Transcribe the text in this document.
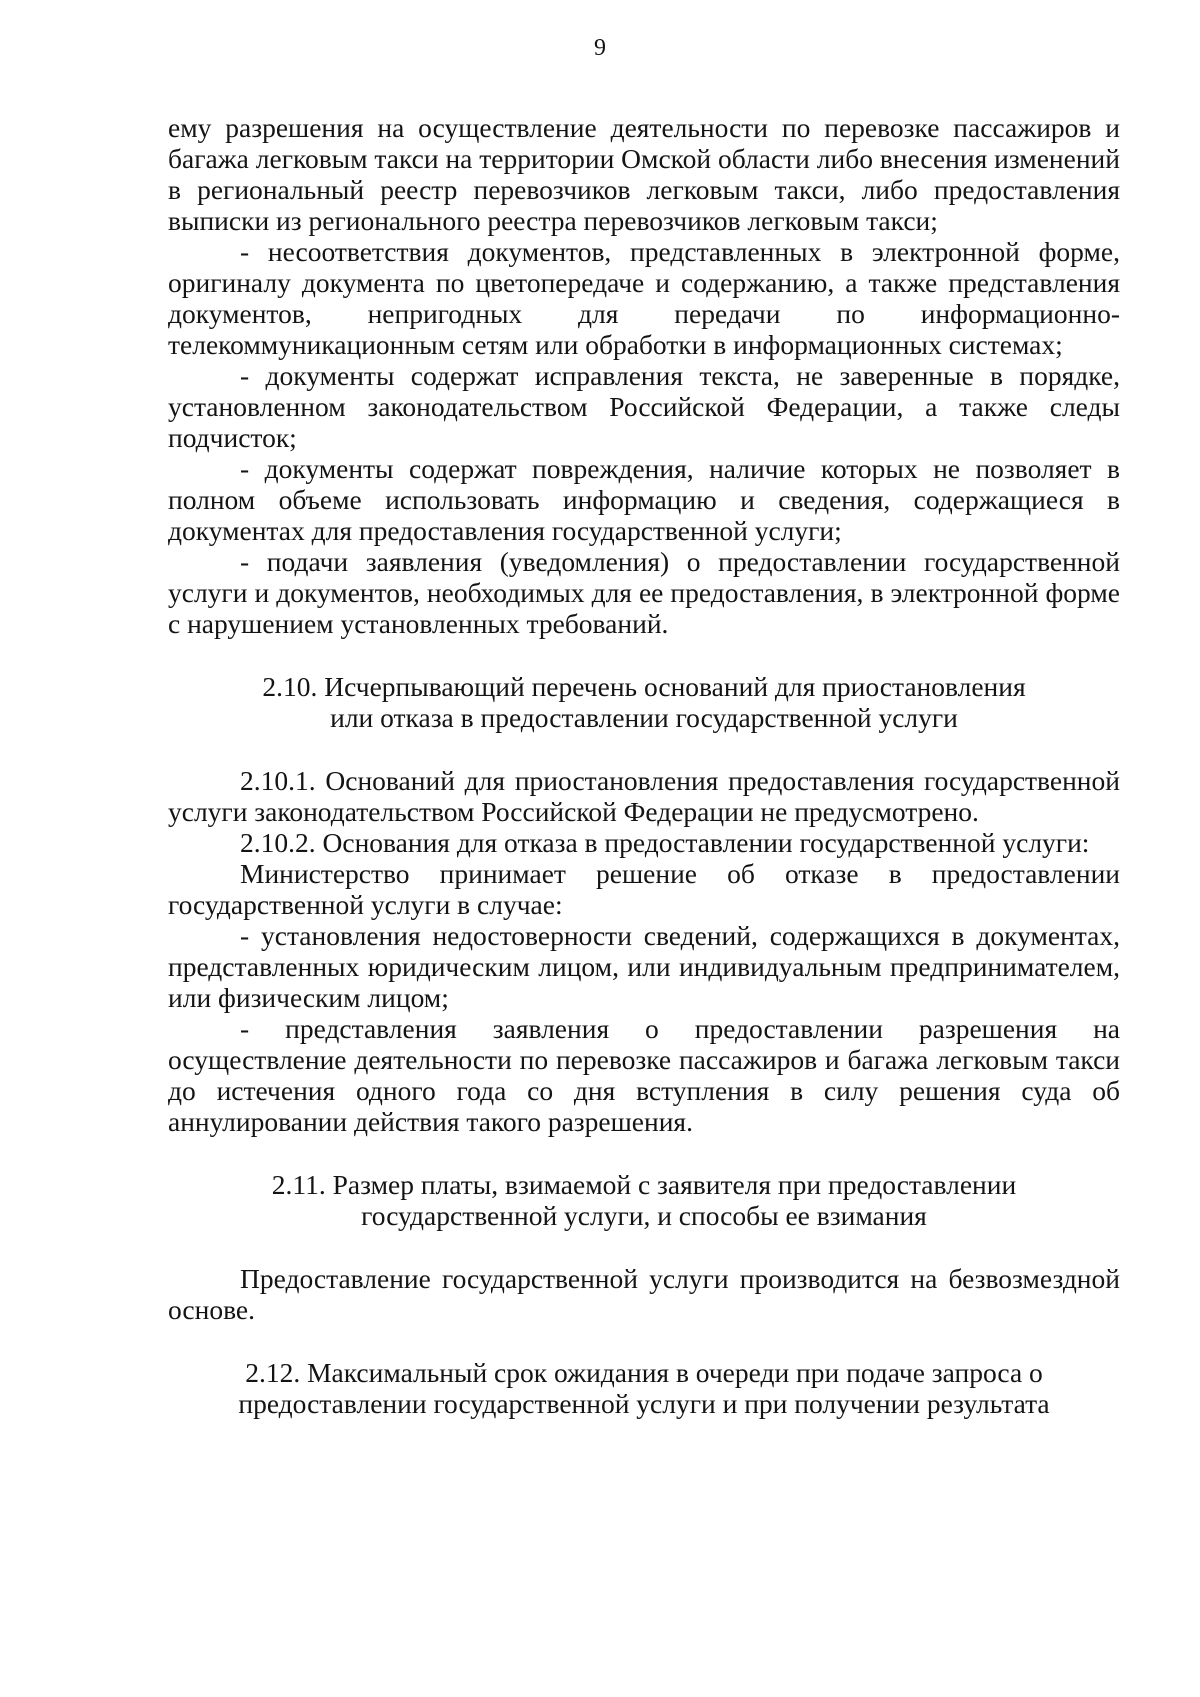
9

ему разрешения на осуществление деятельности по перевозке пассажиров и багажа легковым такси на территории Омской области либо внесения изменений в региональный реестр перевозчиков легковым такси, либо предоставления выписки из регионального реестра перевозчиков легковым такси;

- несоответствия документов, представленных в электронной форме, оригиналу документа по цветопередаче и содержанию, а также представления документов, непригодных для передачи по информационно-телекоммуникационным сетям или обработки в информационных системах;

- документы содержат исправления текста, не заверенные в порядке, установленном законодательством Российской Федерации, а также следы подчисток;

- документы содержат повреждения, наличие которых не позволяет в полном объеме использовать информацию и сведения, содержащиеся в документах для предоставления государственной услуги;

- подачи заявления (уведомления) о предоставлении государственной услуги и документов, необходимых для ее предоставления, в электронной форме с нарушением установленных требований.

2.10. Исчерпывающий перечень оснований для приостановления

или отказа в предоставлении государственной услуги

2.10.1. Оснований для приостановления предоставления государственной услуги законодательством Российской Федерации не предусмотрено.

2.10.2. Основания для отказа в предоставлении государственной услуги:

Министерство принимает решение об отказе в предоставлении государственной услуги в случае:

- установления недостоверности сведений, содержащихся в документах, представленных юридическим лицом, или индивидуальным предпринимателем, или физическим лицом;

- представления заявления о предоставлении разрешения на осуществление деятельности по перевозке пассажиров и багажа легковым такси до истечения одного года со дня вступления в силу решения суда об аннулировании действия такого разрешения.

2.11. Размер платы, взимаемой с заявителя при предоставлении

государственной услуги, и способы ее взимания

Предоставление государственной услуги производится на безвозмездной основе.

2.12. Максимальный срок ожидания в очереди при подаче запроса о

предоставлении государственной услуги и при получении результата
